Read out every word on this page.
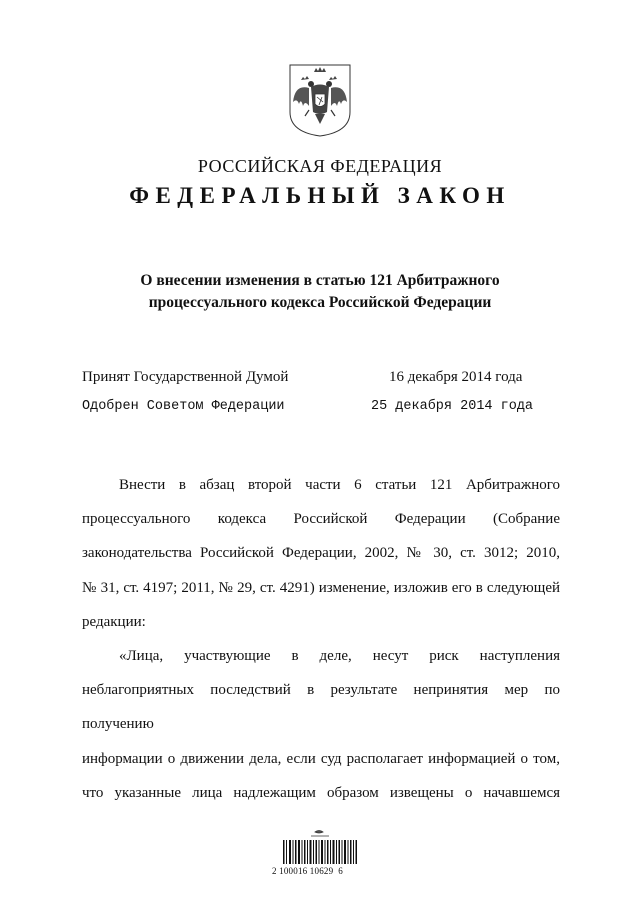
РОССИЙСКАЯ ФЕДЕРАЦИЯ
ФЕДЕРАЛЬНЫЙ ЗАКОН
О внесении изменения в статью 121 Арбитражного
процессуального кодекса Российской Федерации
Принят Государственной Думой	16 декабря 2014 года
Одобрен Советом Федерации	25 декабря 2014 года

Внести в абзац второй части 6 статьи 121 Арбитражного

процессуального кодекса Российской Федерации (Собрание
законодательства Российской Федерации, 2002, № 30, ст. 3012; 2010,
№ 31, ст. 4197; 2011, № 29, ст. 4291) изменение, изложив его в следующей
редакции:

«Лица, участвующие в деле, несут риск наступления

неблагоприятных последствий в результате непринятия мер по получению
информации о движении дела, если суд располагает информацией о том,
что указанные лица надлежащим образом извещены о начавшемся
2 100016 10629  6
